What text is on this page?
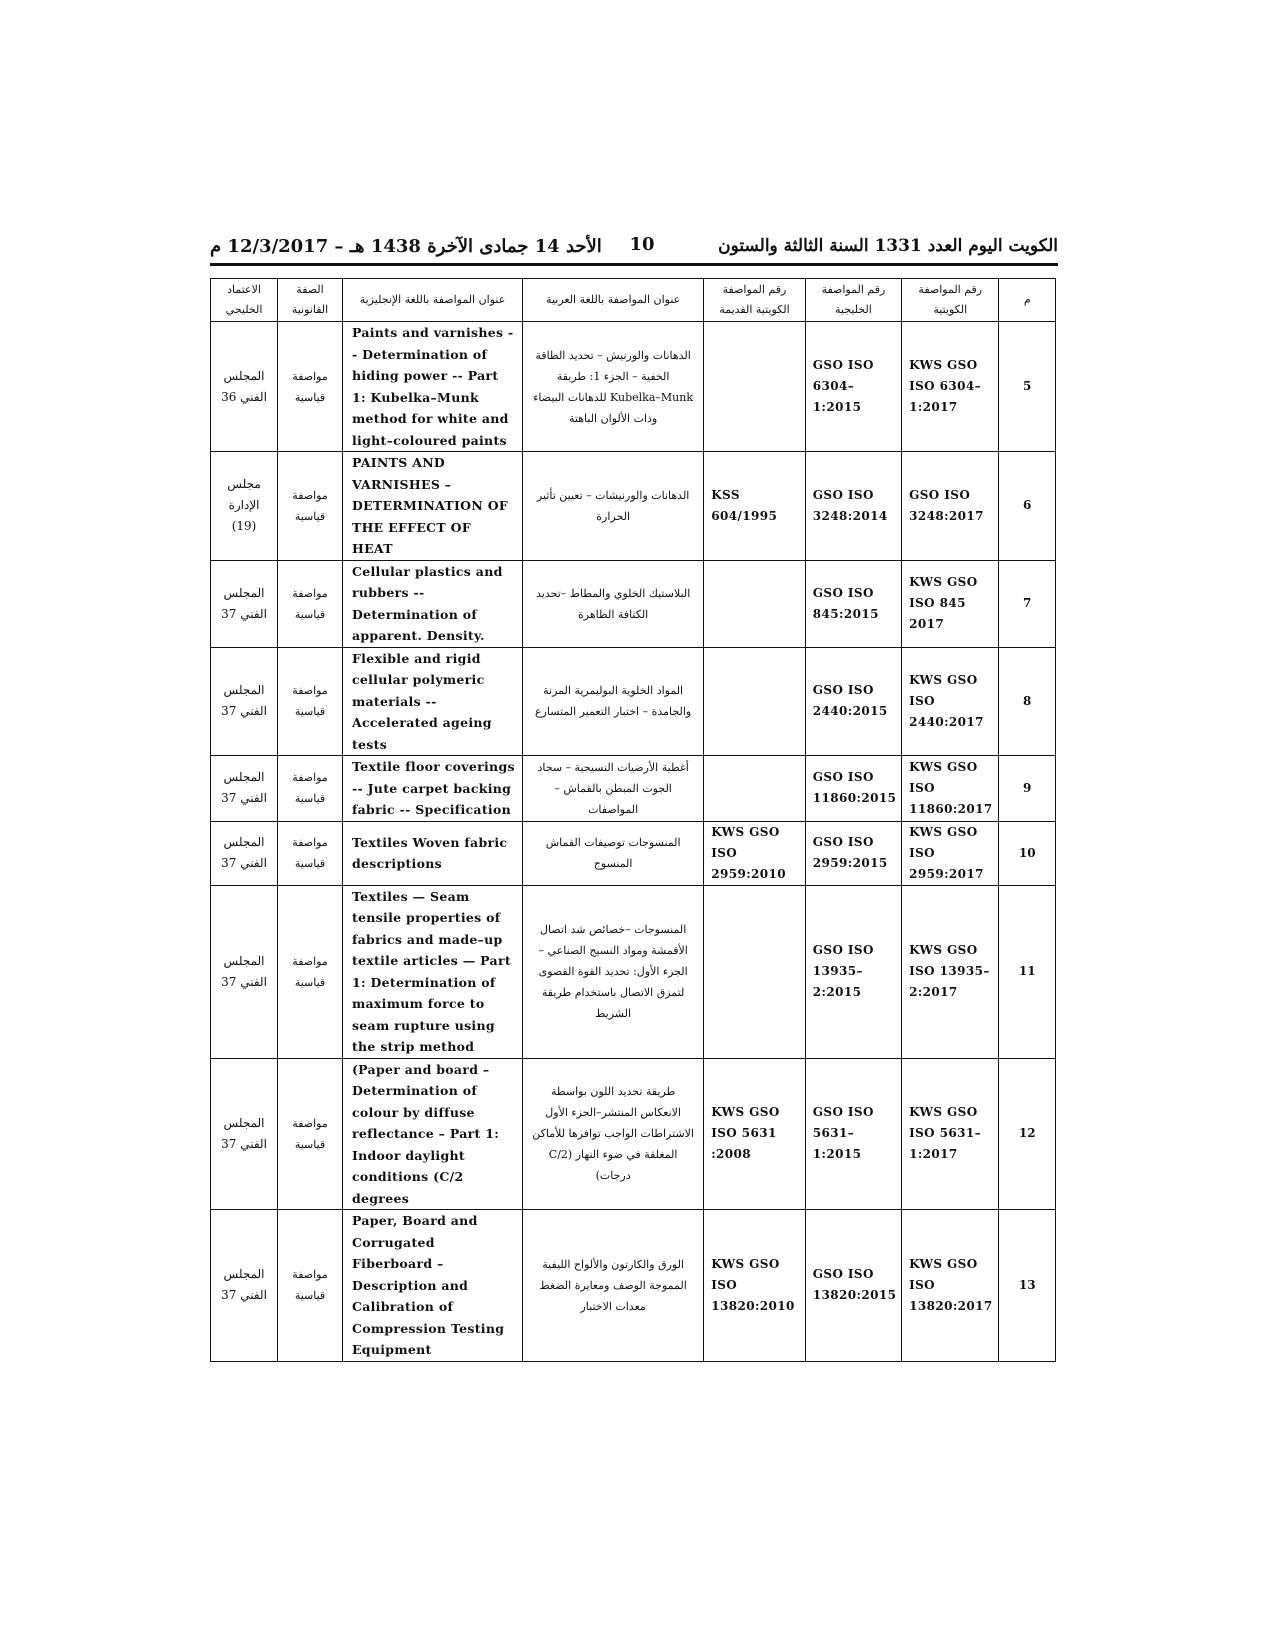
الأحد 14 جمادى الآخرة 1438 هـ – 12/3/2017 م	10	الكويت اليوم العدد 1331 السنة الثالثة والستون
م	رقم المواصفة الكويتية	رقم المواصفة الخليجية	رقم المواصفة الكويتية القديمة	عنوان المواصفة باللغة العربية	عنوان المواصفة باللغة الإنجليزية	الصفة القانونية	الاعتماد الخليجي
5	KWS GSO ISO 6304–1:2017	GSO ISO 6304–1:2015		الدهانات والورنيش – تحديد الطاقة الخفية – الجزء 1: طريقة Kubelka–Munk للدهانات البيضاء وذات الألوان الباهتة	Paints and varnishes -- Determination of hiding power -- Part 1: Kubelka–Munk method for white and light–coloured paints	مواصفة قياسية	المجلس الفني 36
6	GSO ISO 3248:2017	GSO ISO 3248:2014	KSS 604/1995	الدهانات والورنيشات – تعيين تأثير الحرارة	PAINTS AND VARNISHES – DETERMINATION OF THE EFFECT OF HEAT	مواصفة قياسية	مجلس الإدارة (19)
7	KWS GSO ISO 845 2017	GSO ISO 845:2015		البلاستيك الخلوي والمطاط –تحديد الكثافة الظاهرة	Cellular plastics and rubbers -- Determination of apparent. Density.	مواصفة قياسية	المجلس الفني 37
8	KWS GSO ISO 2440:2017	GSO ISO 2440:2015		المواد الخلوية البوليمرية المرنة والجامدة – اختبار التعمير المتسارع	Flexible and rigid cellular polymeric materials -- Accelerated ageing tests	مواصفة قياسية	المجلس الفني 37
9	KWS GSO ISO 11860:2017	GSO ISO 11860:2015		أغطية الأرضيات النسيجية – سجاد الجوت المبطن بالقماش –المواصفات	Textile floor coverings -- Jute carpet backing fabric -- Specification	مواصفة قياسية	المجلس الفني 37
10	KWS GSO ISO 2959:2017	GSO ISO 2959:2015	KWS GSO ISO 2959:2010	المنسوجات توصيفات القماش المنسوج	Textiles Woven fabric descriptions	مواصفة قياسية	المجلس الفني 37
11	KWS GSO ISO 13935–2:2017	GSO ISO 13935–2:2015		المنسوجات –خصائص شد اتصال الأقمشة ومواد النسيج الصناعي – الجزء الأول: تحديد القوة القصوى لتمزق الاتصال باستخدام طريقة الشريط	Textiles — Seam tensile properties of fabrics and made–up textile articles — Part 1: Determination of maximum force to seam rupture using the strip method	مواصفة قياسية	المجلس الفني 37
12	KWS GSO ISO 5631–1:2017	GSO ISO 5631–1:2015	KWS GSO ISO 5631 :2008	طريقة تحديد اللون بواسطة الانعكاس المنتشر–الجزء الأول الاشتراطات الواجب توافرها للأماكن المغلقة في ضوء النهار (C/2 درجات)	(Paper and board – Determination of colour by diffuse reflectance – Part 1: Indoor daylight conditions (C/2 degrees	مواصفة قياسية	المجلس الفني 37
13	KWS GSO ISO 13820:2017	GSO ISO 13820:2015	KWS GSO ISO 13820:2010	الورق والكارتون والألواح الليفية المموجة الوصف ومعايرة الضغط معدات الاختبار	Paper, Board and Corrugated Fiberboard – Description and Calibration of Compression Testing Equipment	مواصفة قياسية	المجلس الفني 37
